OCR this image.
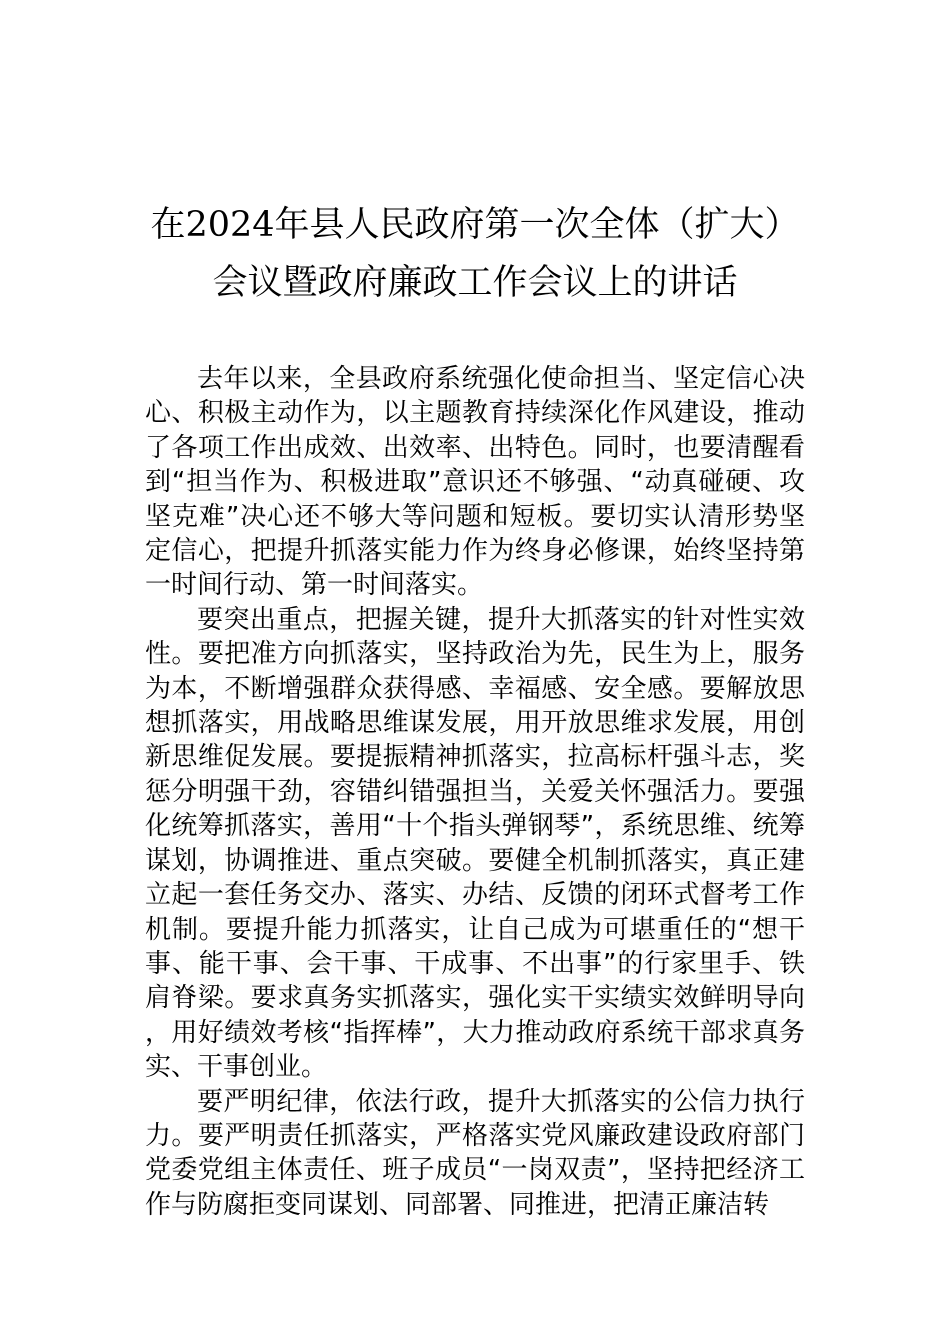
在2024年县人民政府第一次全体（扩大）
会议暨政府廉政工作会议上的讲话

去年以来，全县政府系统强化使命担当、坚定信心决心、积极主动作为，以主题教育持续深化作风建设，推动了各项工作出成效、出效率、出特色。同时，也要清醒看到“担当作为、积极进取”意识还不够强、“动真碰硬、攻坚克难”决心还不够大等问题和短板。要切实认清形势坚定信心，把提升抓落实能力作为终身必修课，始终坚持第一时间行动、第一时间落实。

要突出重点，把握关键，提升大抓落实的针对性实效性。要把准方向抓落实，坚持政治为先，民生为上，服务为本，不断增强群众获得感、幸福感、安全感。要解放思想抓落实，用战略思维谋发展，用开放思维求发展，用创新思维促发展。要提振精神抓落实，拉高标杆强斗志，奖惩分明强干劲，容错纠错强担当，关爱关怀强活力。要强化统筹抓落实，善用“十个指头弹钢琴”，系统思维、统筹谋划，协调推进、重点突破。要健全机制抓落实，真正建立起一套任务交办、落实、办结、反馈的闭环式督考工作机制。要提升能力抓落实，让自己成为可堪重任的“想干事、能干事、会干事、干成事、不出事”的行家里手、铁肩脊梁。要求真务实抓落实，强化实干实绩实效鲜明导向，用好绩效考核“指挥棒”，大力推动政府系统干部求真务实、干事创业。

要严明纪律，依法行政，提升大抓落实的公信力执行力。要严明责任抓落实，严格落实党风廉政建设政府部门党委党组主体责任、班子成员“一岗双责”，坚持把经济工作与防腐拒变同谋划、同部署、同推进，把清正廉洁转
